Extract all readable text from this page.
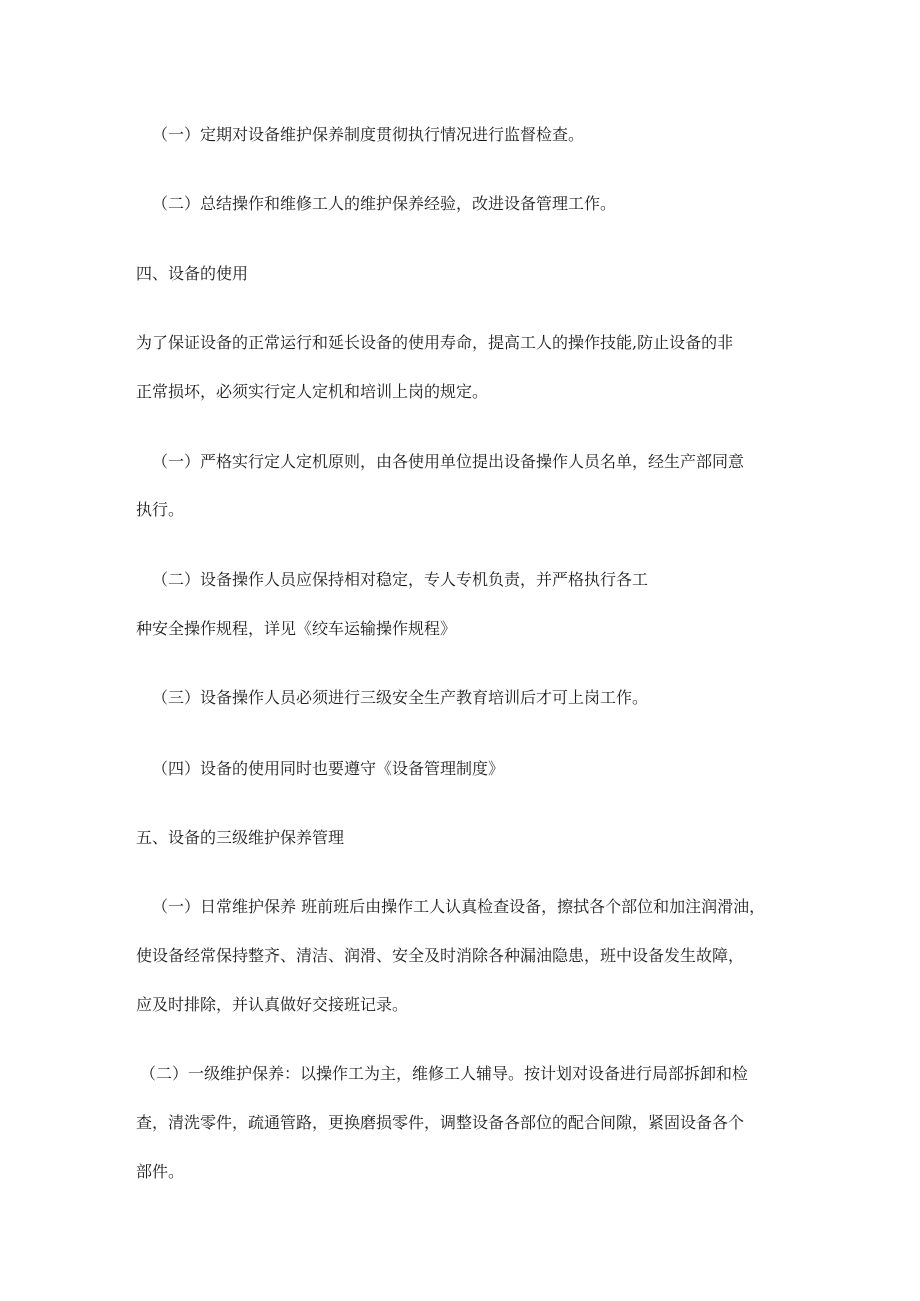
（一）定期对设备维护保养制度贯彻执行情况进行监督检查。

（二）总结操作和维修工人的维护保养经验，改进设备管理工作。

四、设备的使用

为了保证设备的正常运行和延长设备的使用寿命，提高工人的操作技能,防止设备的非

正常损坏，必须实行定人定机和培训上岗的规定。

（一）严格实行定人定机原则，由各使用单位提出设备操作人员名单，经生产部同意

执行。

（二）设备操作人员应保持相对稳定，专人专机负责，并严格执行各工

种安全操作规程，详见《绞车运输操作规程》

（三）设备操作人员必须进行三级安全生产教育培训后才可上岗工作。

（四）设备的使用同时也要遵守《设备管理制度》

五、设备的三级维护保养管理

（一）日常维护保养 班前班后由操作工人认真检查设备，擦拭各个部位和加注润滑油，

使设备经常保持整齐、清洁、润滑、安全及时消除各种漏油隐患，班中设备发生故障，

应及时排除，并认真做好交接班记录。

（二）一级维护保养：以操作工为主，维修工人辅导。按计划对设备进行局部拆卸和检

查，清洗零件，疏通管路，更换磨损零件，调整设备各部位的配合间隙，紧固设备各个

部件。
